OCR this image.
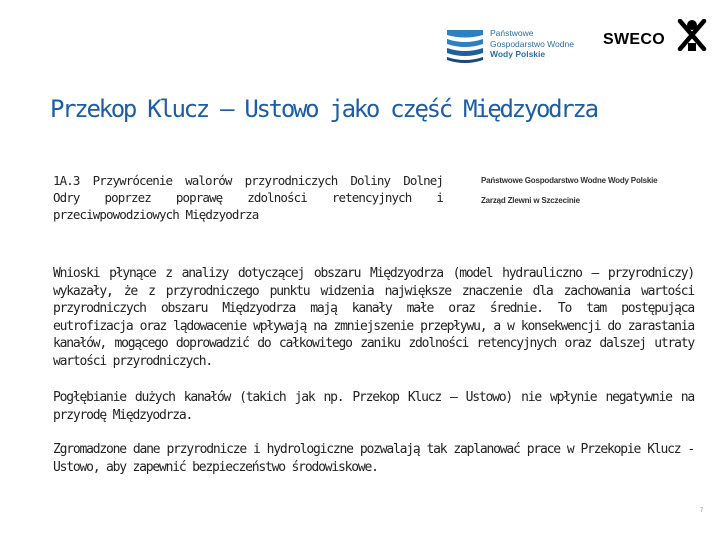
Państwowe
Gospodarstwo Wodne
Wody Polskie
SWECO
Przekop Klucz – Ustowo jako część Międzyodrza
1A.3 Przywrócenie walorów przyrodniczych Doliny Dolnej Odry poprzez poprawę zdolności retencyjnych i przeciwpowodziowych Międzyodrza
Państwowe Gospodarstwo Wodne Wody Polskie
Zarząd Zlewni w Szczecinie
Wnioski płynące z analizy dotyczącej obszaru Międzyodrza (model hydrauliczno – przyrodniczy) wykazały, że z przyrodniczego punktu widzenia największe znaczenie dla zachowania wartości przyrodniczych obszaru Międzyodrza mają kanały małe oraz średnie. To tam postępująca eutrofizacja oraz lądowacenie wpływają na zmniejszenie przepływu, a w konsekwencji do zarastania kanałów, mogącego doprowadzić do całkowitego zaniku zdolności retencyjnych oraz dalszej utraty wartości przyrodniczych.
Pogłębianie dużych kanałów (takich jak np. Przekop Klucz – Ustowo) nie wpłynie negatywnie na przyrodę Międzyodrza.
Zgromadzone dane przyrodnicze i hydrologiczne pozwalają tak zaplanować prace w Przekopie Klucz - Ustowo, aby zapewnić bezpieczeństwo środowiskowe.
7
